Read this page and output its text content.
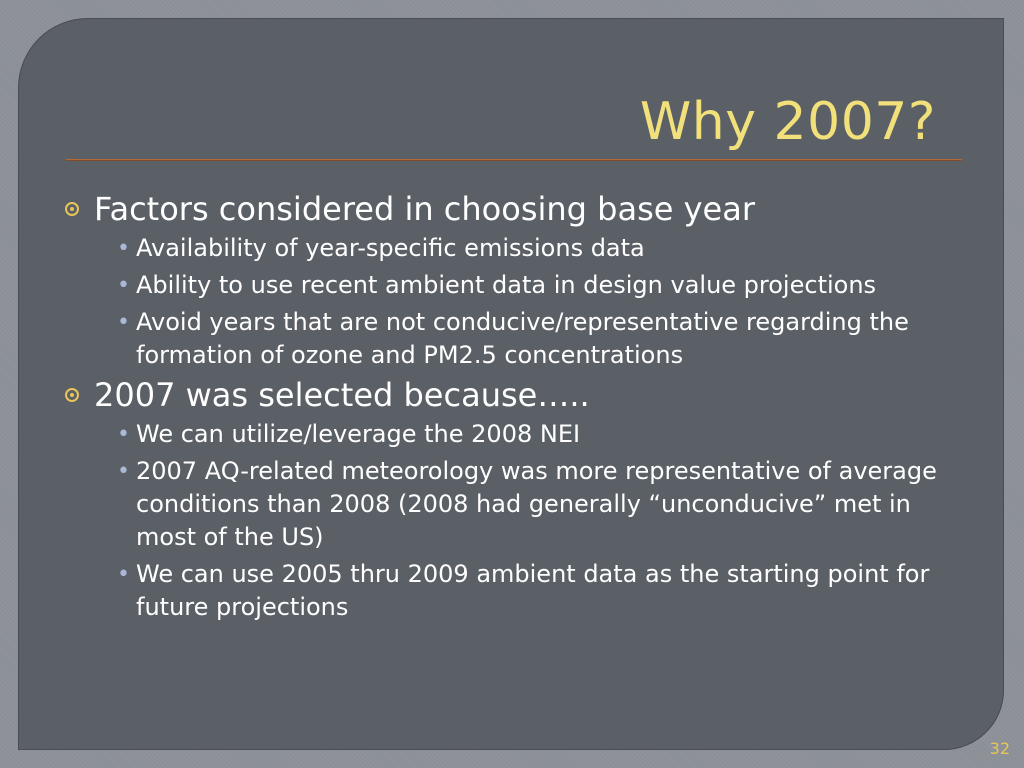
Why 2007?
Factors considered in choosing base year
• Availability of year-specific emissions data
• Ability to use recent ambient data in design value projections
• Avoid years that are not conducive/representative regarding the formation of ozone and PM2.5 concentrations
2007 was selected because…..
• We can utilize/leverage the 2008 NEI
• 2007 AQ-related meteorology was more representative of average conditions than 2008 (2008 had generally “unconducive” met in most of the US)
• We can use 2005 thru 2009 ambient data as the starting point for future projections
32
